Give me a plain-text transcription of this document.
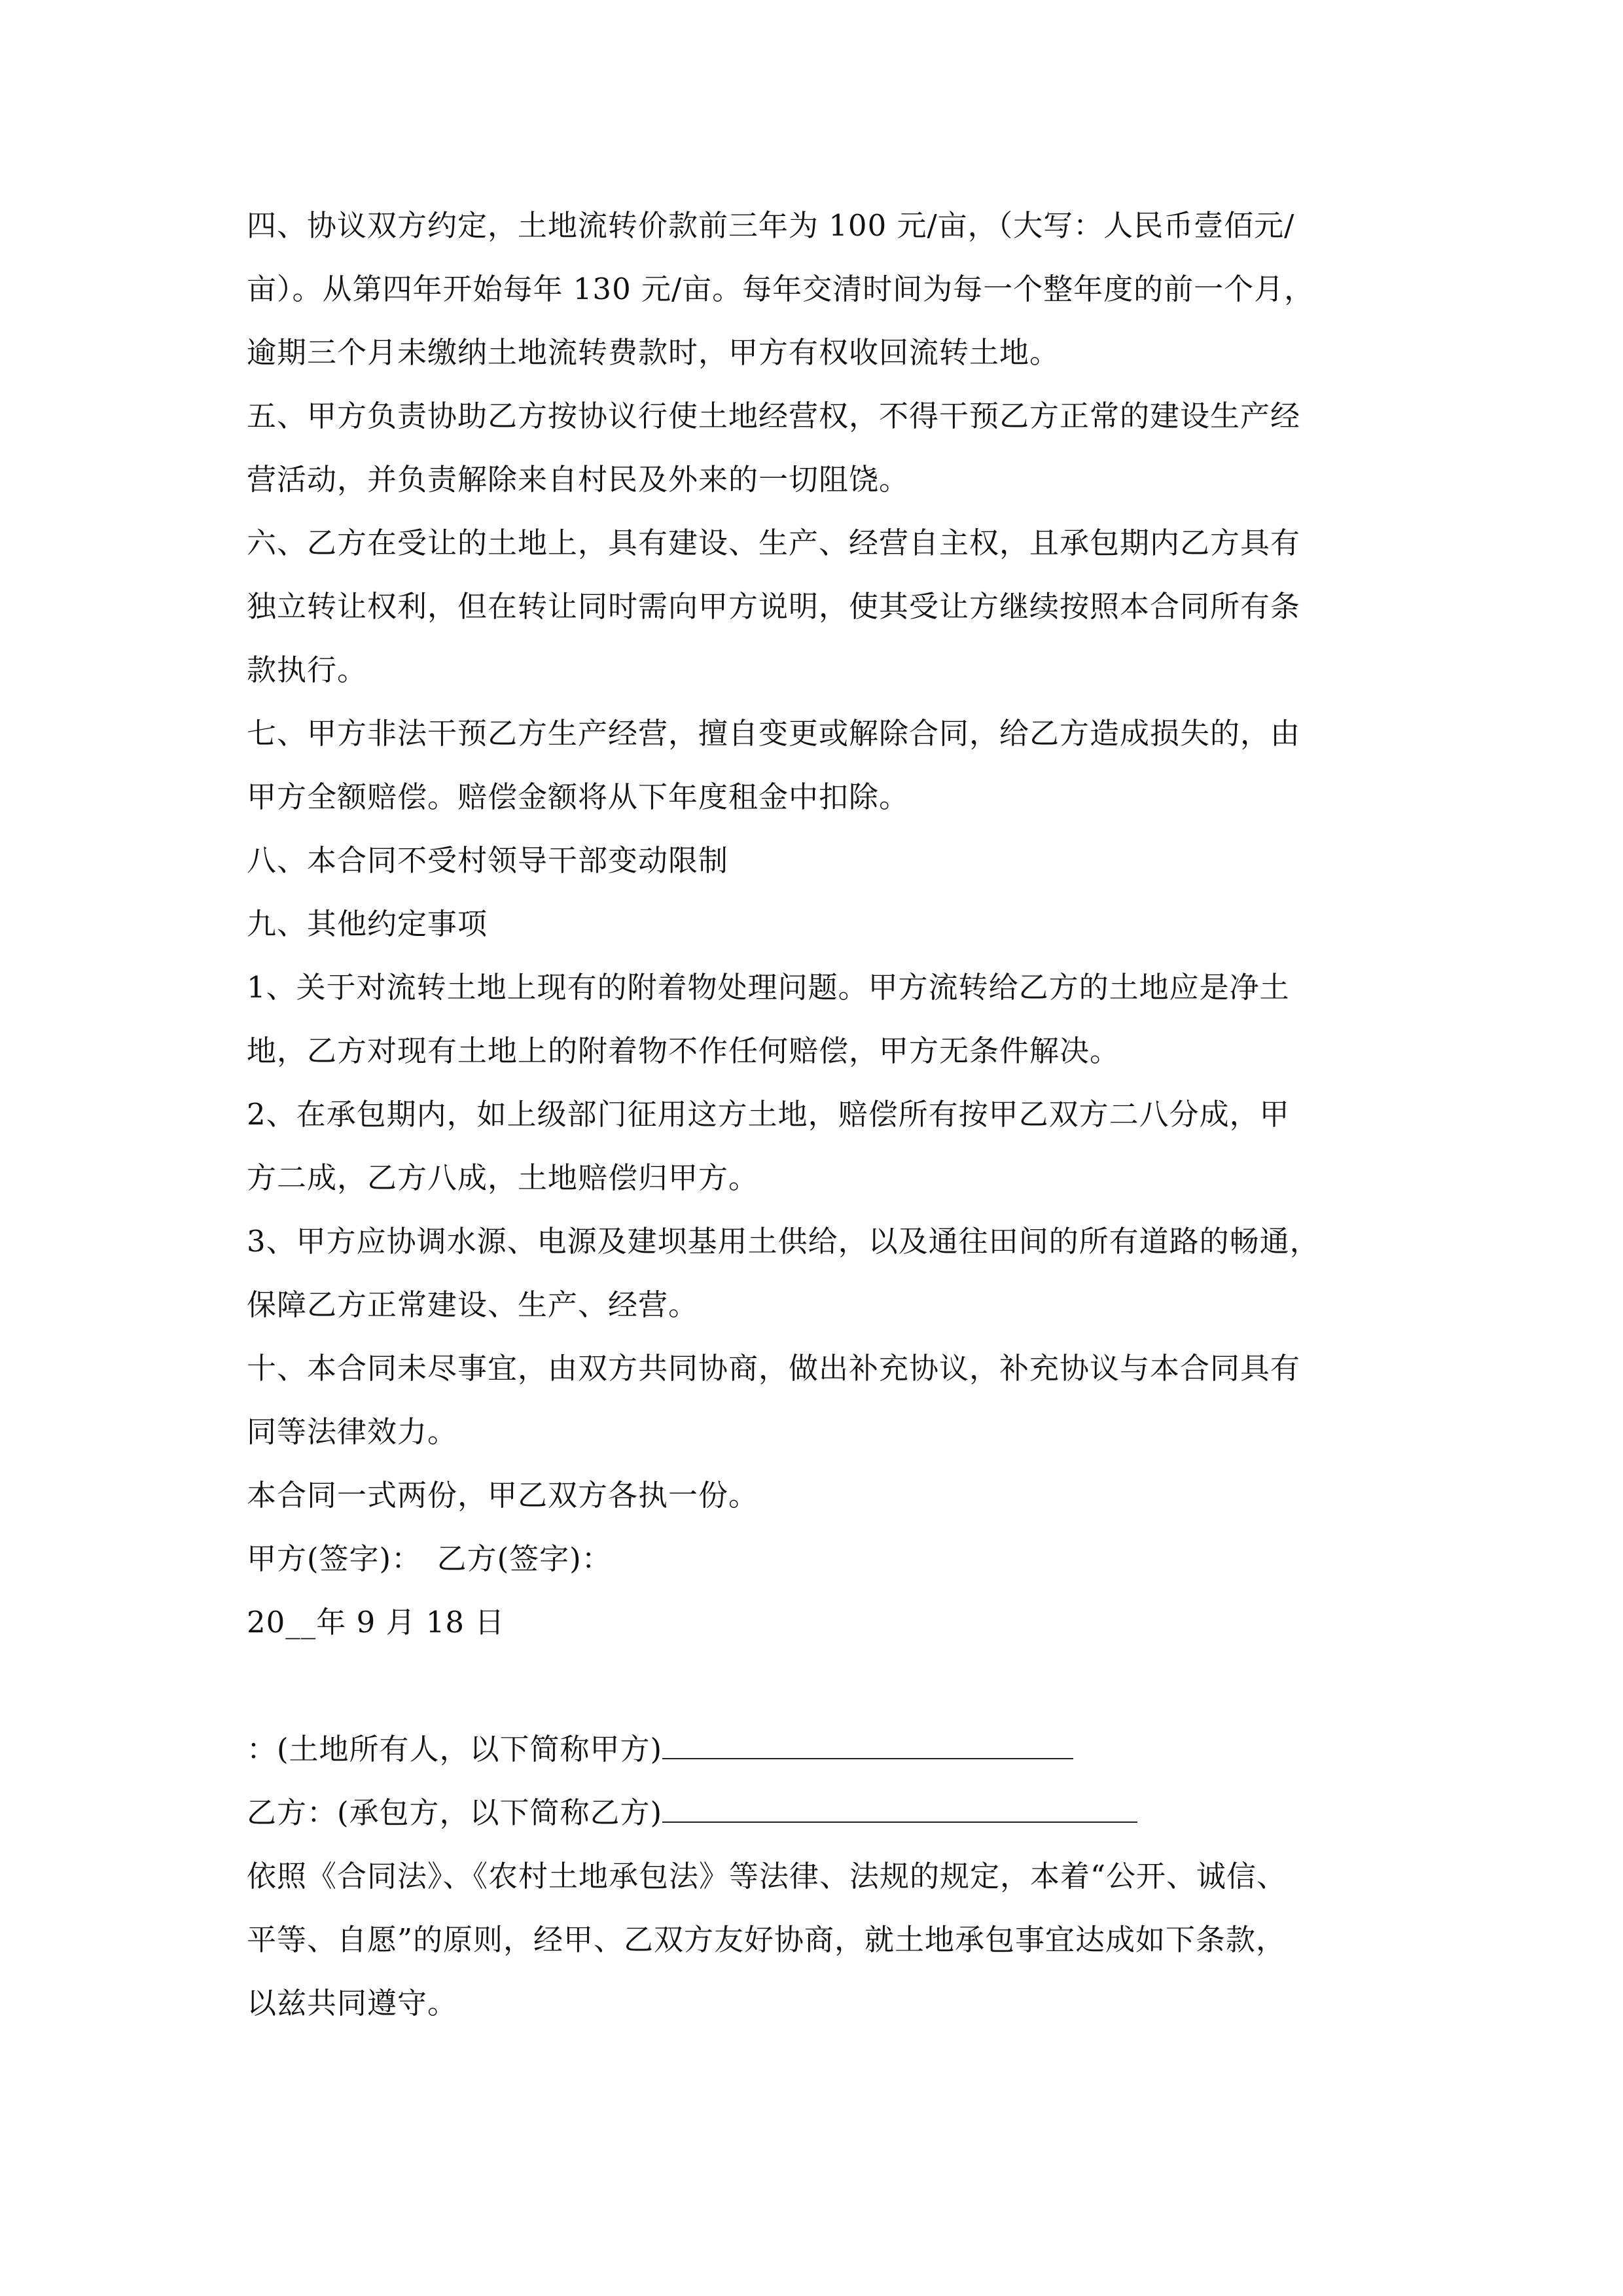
四、协议双方约定，土地流转价款前三年为 100 元/亩，（大写：人民币壹佰元/
亩）。从第四年开始每年 130 元/亩。每年交清时间为每一个整年度的前一个月，
逾期三个月未缴纳土地流转费款时，甲方有权收回流转土地。
五、甲方负责协助乙方按协议行使土地经营权，不得干预乙方正常的建设生产经
营活动，并负责解除来自村民及外来的一切阻饶。
六、乙方在受让的土地上，具有建设、生产、经营自主权，且承包期内乙方具有
独立转让权利，但在转让同时需向甲方说明，使其受让方继续按照本合同所有条
款执行。
七、甲方非法干预乙方生产经营，擅自变更或解除合同，给乙方造成损失的，由
甲方全额赔偿。赔偿金额将从下年度租金中扣除。
八、本合同不受村领导干部变动限制
九、其他约定事项
1、关于对流转土地上现有的附着物处理问题。甲方流转给乙方的土地应是净土
地，乙方对现有土地上的附着物不作任何赔偿，甲方无条件解决。
2、在承包期内，如上级部门征用这方土地，赔偿所有按甲乙双方二八分成，甲
方二成，乙方八成，土地赔偿归甲方。
3、甲方应协调水源、电源及建坝基用土供给，以及通往田间的所有道路的畅通，
保障乙方正常建设、生产、经营。
十、本合同未尽事宜，由双方共同协商，做出补充协议，补充协议与本合同具有
同等法律效力。
本合同一式两份，甲乙双方各执一份。
甲方(签字)：　乙方(签字)：
20__年 9 月 18 日
：(土地所有人，以下简称甲方)
乙方：(承包方，以下简称乙方)
依照《合同法》、《农村土地承包法》等法律、法规的规定，本着“公开、诚信、
平等、自愿”的原则，经甲、乙双方友好协商，就土地承包事宜达成如下条款，
以兹共同遵守。
